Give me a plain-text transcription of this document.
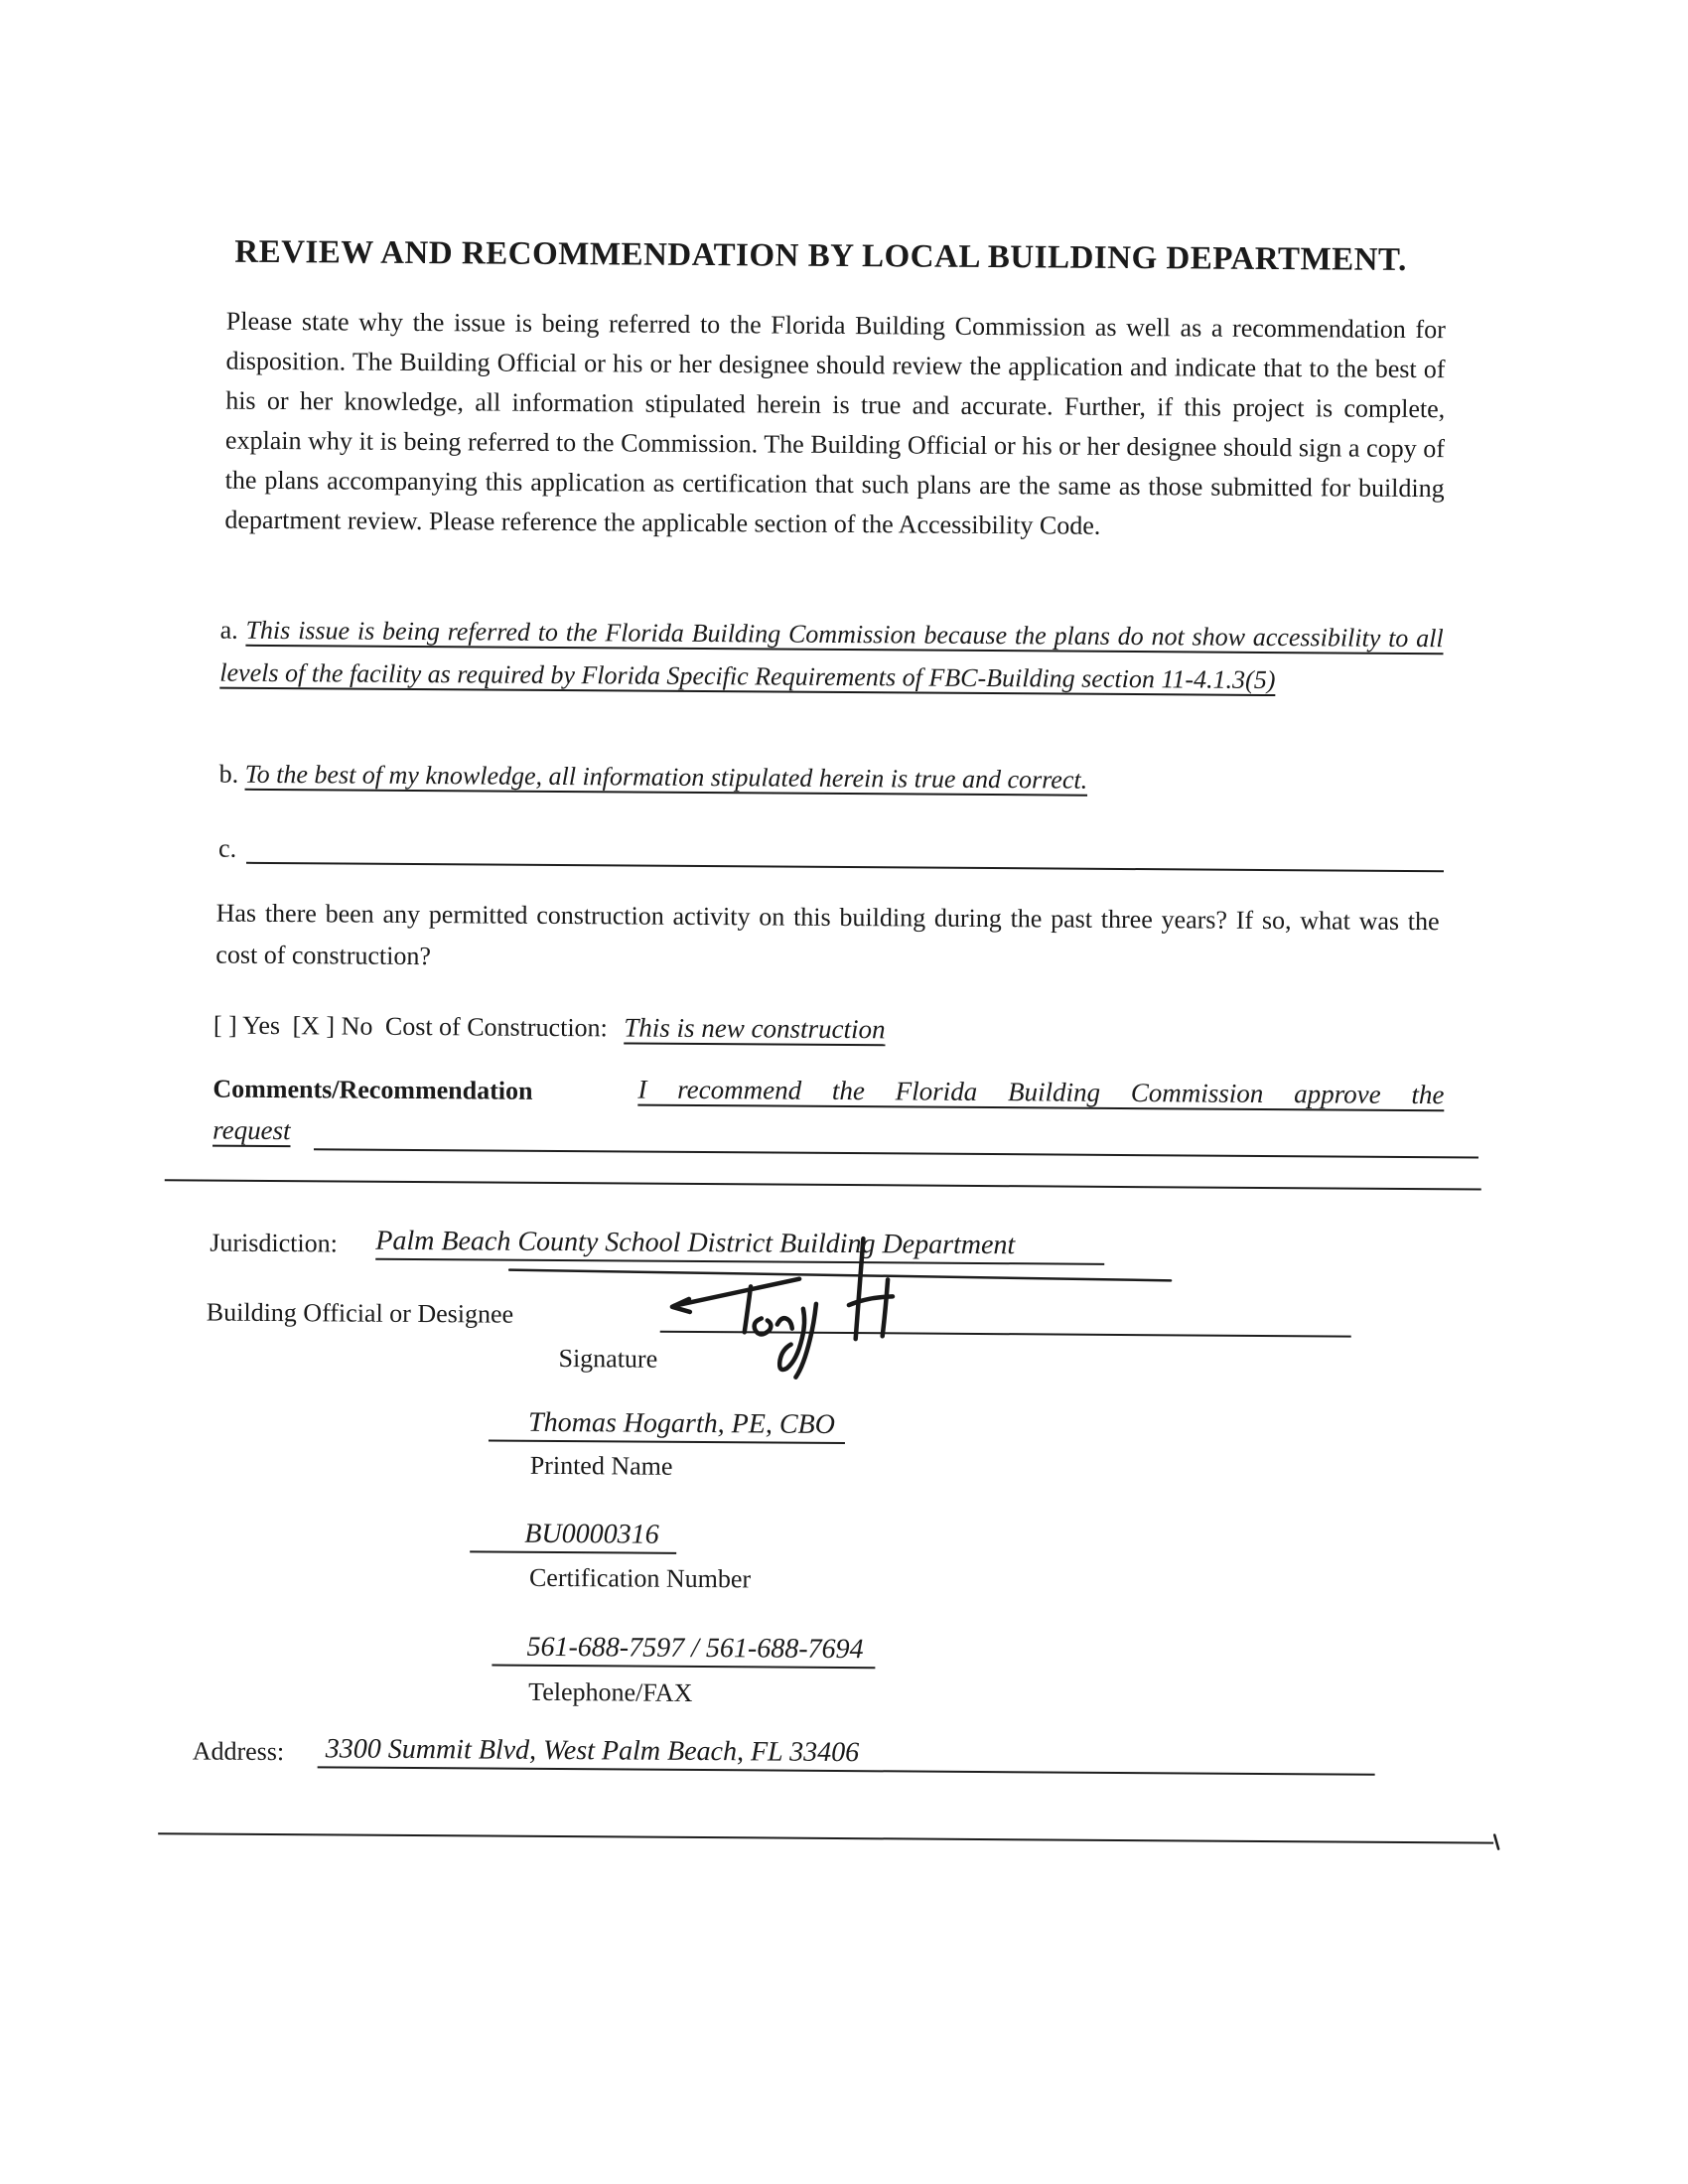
REVIEW AND RECOMMENDATION BY LOCAL BUILDING DEPARTMENT.
Please state why the issue is being referred to the Florida Building Commission as well as a recommendation for disposition. The Building Official or his or her designee should review the application and indicate that to the best of his or her knowledge, all information stipulated herein is true and accurate. Further, if this project is complete, explain why it is being referred to the Commission. The Building Official or his or her designee should sign a copy of the plans accompanying this application as certification that such plans are the same as those submitted for building department review. Please reference the applicable section of the Accessibility Code.
a. This issue is being referred to the Florida Building Commission because the plans do not show accessibility to all levels of the facility as required by Florida Specific Requirements of FBC-Building section 11-4.1.3(5)
b. To the best of my knowledge, all information stipulated herein is true and correct.
c.
Has there been any permitted construction activity on this building during the past three years? If so, what was the cost of construction?
[ ] Yes [X ] No Cost of Construction: This is new construction
Comments/Recommendation	I recommend the Florida Building Commission approve the
request
Jurisdiction: Palm Beach County School District Building Department
Building Official or Designee
Signature
Thomas Hogarth, PE, CBO
Printed Name
BU0000316
Certification Number
561-688-7597 / 561-688-7694
Telephone/FAX
Address: 3300 Summit Blvd, West Palm Beach, FL 33406
